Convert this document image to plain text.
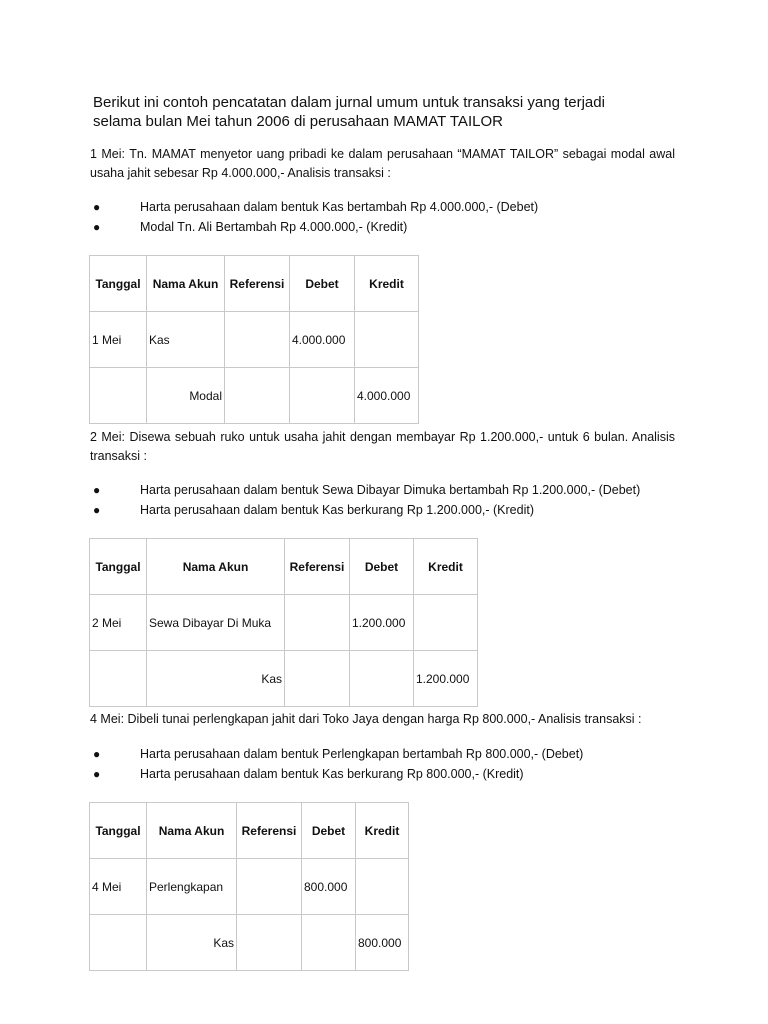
Berikut ini contoh pencatatan dalam jurnal umum untuk transaksi yang terjadi selama bulan Mei tahun 2006 di perusahaan MAMAT TAILOR

1 Mei: Tn. MAMAT menyetor uang pribadi ke dalam perusahaan “MAMAT TAILOR” sebagai modal awal usaha jahit sebesar Rp 4.000.000,- Analisis transaksi :

●	Harta perusahaan dalam bentuk Kas bertambah Rp 4.000.000,- (Debet)
●	Modal Tn. Ali Bertambah Rp 4.000.000,- (Kredit)
Tanggal	Nama Akun	Referensi	Debet	Kredit
1 Mei	Kas		4.000.000	
	Modal			4.000.000

2 Mei: Disewa sebuah ruko untuk usaha jahit dengan membayar Rp 1.200.000,- untuk 6 bulan. Analisis transaksi :

●	Harta perusahaan dalam bentuk Sewa Dibayar Dimuka bertambah Rp 1.200.000,- (Debet)
●	Harta perusahaan dalam bentuk Kas berkurang Rp 1.200.000,- (Kredit)
Tanggal	Nama Akun	Referensi	Debet	Kredit
2 Mei	Sewa Dibayar Di Muka		1.200.000	
	Kas			1.200.000

4 Mei: Dibeli tunai perlengkapan jahit dari Toko Jaya dengan harga Rp 800.000,- Analisis transaksi :

●	Harta perusahaan dalam bentuk Perlengkapan bertambah Rp 800.000,- (Debet)
●	Harta perusahaan dalam bentuk Kas berkurang Rp 800.000,- (Kredit)
Tanggal	Nama Akun	Referensi	Debet	Kredit
4 Mei	Perlengkapan		800.000	
	Kas			800.000
